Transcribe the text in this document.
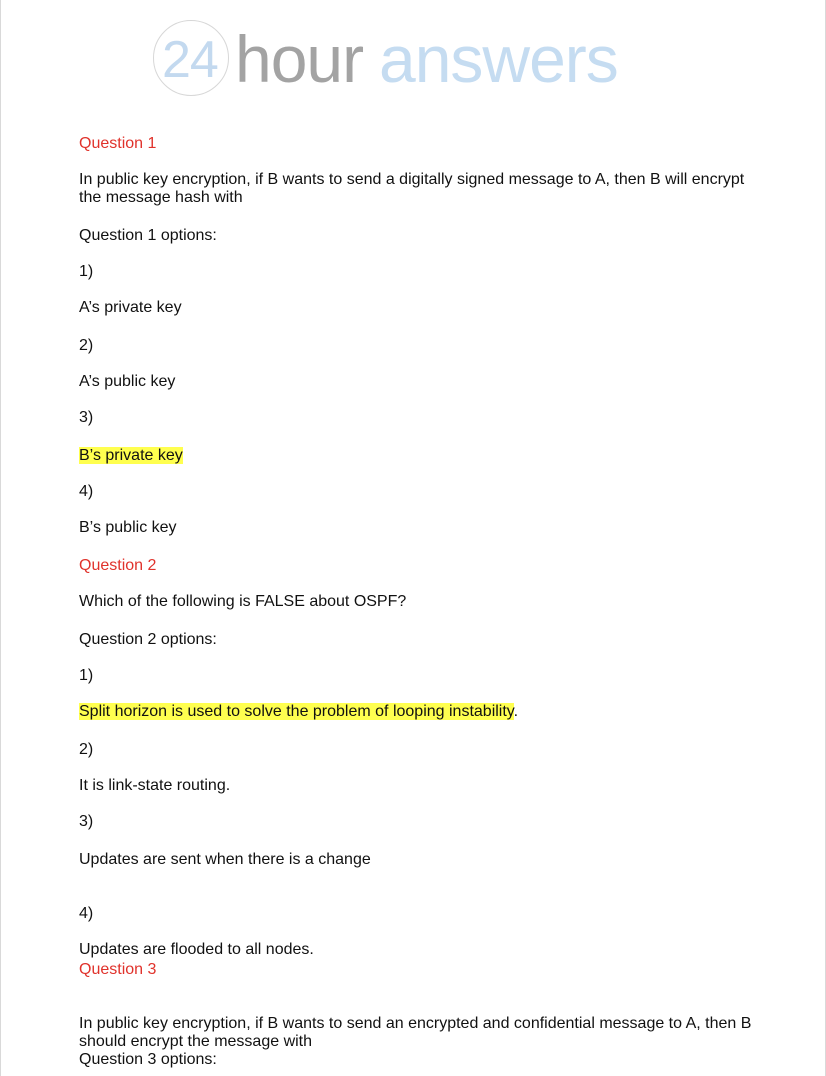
24 hour answers
Question 1
In public key encryption, if B wants to send a digitally signed message to A, then B will encrypt the message hash with
Question 1 options:
1)
A’s private key
2)
A’s public key
3)
B’s private key
4)
B’s public key
Question 2
Which of the following is FALSE about OSPF?
Question 2 options:
1)
Split horizon is used to solve the problem of looping instability.
2)
It is link-state routing.
3)
Updates are sent when there is a change
4)
Updates are flooded to all nodes.
Question 3
In public key encryption, if B wants to send an encrypted and confidential message to A, then B should encrypt the message with
Question 3 options:
